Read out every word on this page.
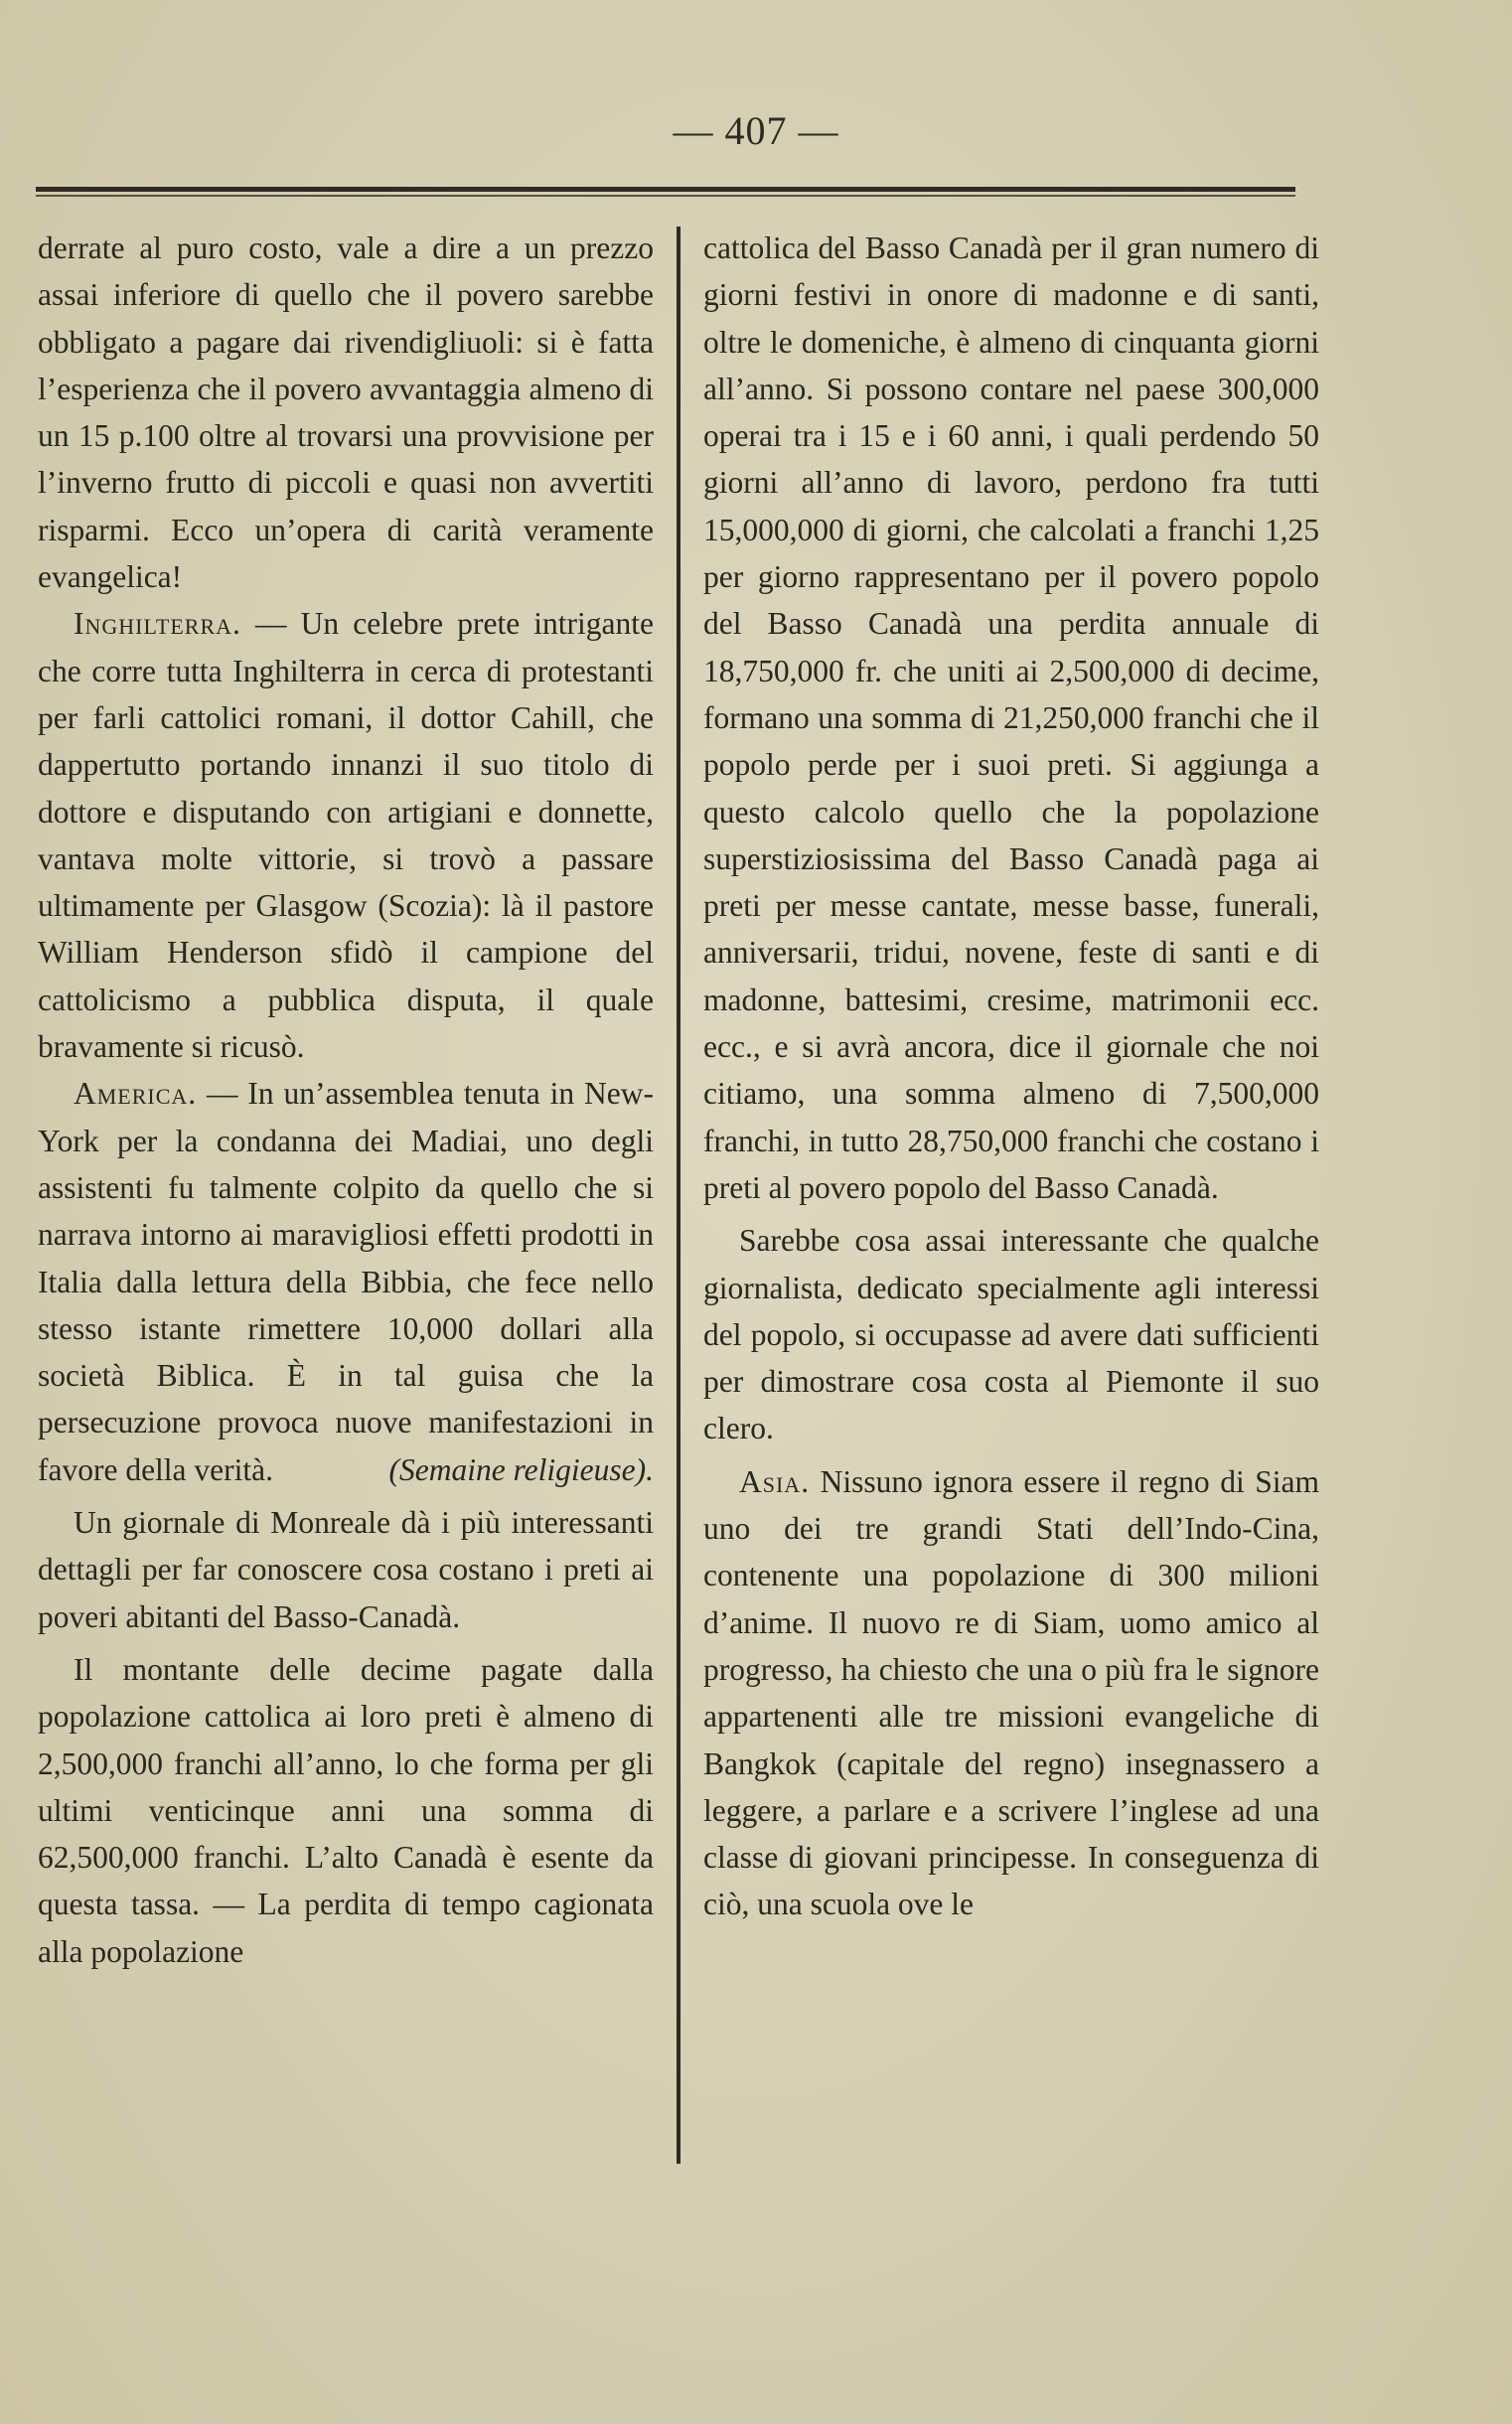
— 407 —

derrate al puro costo, vale a dire a un prezzo assai inferiore di quello che il povero sarebbe obbligato a pagare dai rivendigliuoli: si è fatta l’esperienza che il povero avvantaggia almeno di un 15 p.100 oltre al trovarsi una provvisione per l’inverno frutto di piccoli e quasi non avvertiti risparmi. Ecco un’opera di carità veramente evangelica!

Inghilterra. — Un celebre prete intrigante che corre tutta Inghilterra in cerca di protestanti per farli cattolici romani, il dottor Cahill, che dappertutto portando innanzi il suo titolo di dottore e disputando con artigiani e donnette, vantava molte vittorie, si trovò a passare ultimamente per Glasgow (Scozia): là il pastore William Henderson sfidò il campione del cattolicismo a pubblica disputa, il quale bravamente si ricusò.

America. — In un’assemblea tenuta in New-York per la condanna dei Madiai, uno degli assistenti fu talmente colpito da quello che si narrava intorno ai maravigliosi effetti prodotti in Italia dalla lettura della Bibbia, che fece nello stesso istante rimettere 10,000 dollari alla società Biblica. È in tal guisa che la persecuzione provoca nuove manifestazioni in favore della verità.	(Semaine religieuse).

Un giornale di Monreale dà i più interessanti dettagli per far conoscere cosa costano i preti ai poveri abitanti del Basso-Canadà.

Il montante delle decime pagate dalla popolazione cattolica ai loro preti è almeno di 2,500,000 franchi all’anno, lo che forma per gli ultimi venticinque anni una somma di 62,500,000 franchi. L’alto Canadà è esente da questa tassa. — La perdita di tempo cagionata alla popolazione

cattolica del Basso Canadà per il gran numero di giorni festivi in onore di madonne e di santi, oltre le domeniche, è almeno di cinquanta giorni all’anno. Si possono contare nel paese 300,000 operai tra i 15 e i 60 anni, i quali perdendo 50 giorni all’anno di lavoro, perdono fra tutti 15,000,000 di giorni, che calcolati a franchi 1,25 per giorno rappresentano per il povero popolo del Basso Canadà una perdita annuale di 18,750,000 fr. che uniti ai 2,500,000 di decime, formano una somma di 21,250,000 franchi che il popolo perde per i suoi preti. Si aggiunga a questo calcolo quello che la popolazione superstiziosissima del Basso Canadà paga ai preti per messe cantate, messe basse, funerali, anniversarii, tridui, novene, feste di santi e di madonne, battesimi, cresime, matrimonii ecc. ecc., e si avrà ancora, dice il giornale che noi citiamo, una somma almeno di 7,500,000 franchi, in tutto 28,750,000 franchi che costano i preti al povero popolo del Basso Canadà.

Sarebbe cosa assai interessante che qualche giornalista, dedicato specialmente agli interessi del popolo, si occupasse ad avere dati sufficienti per dimostrare cosa costa al Piemonte il suo clero.

Asia. Nissuno ignora essere il regno di Siam uno dei tre grandi Stati dell’Indo-Cina, contenente una popolazione di 300 milioni d’anime. Il nuovo re di Siam, uomo amico al progresso, ha chiesto che una o più fra le signore appartenenti alle tre missioni evangeliche di Bangkok (capitale del regno) insegnassero a leggere, a parlare e a scrivere l’inglese ad una classe di giovani principesse. In conseguenza di ciò, una scuola ove le
